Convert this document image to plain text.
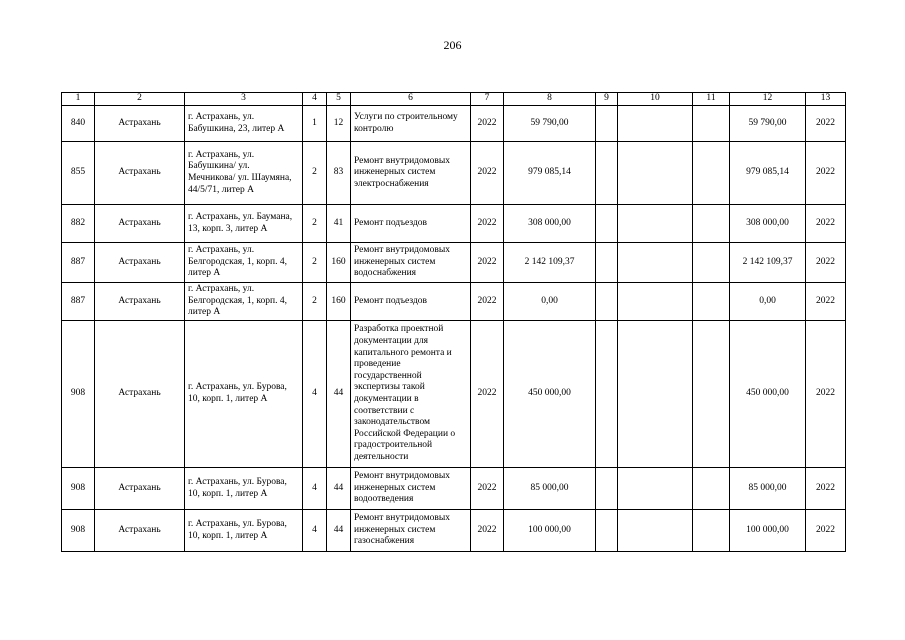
206
1	2	3	4	5	6	7	8	9	10	11	12	13
840	Астрахань	г. Астрахань, ул. Бабушкина, 23, литер А	1	12	Услуги по строительному контролю	2022	59 790,00				59 790,00	2022
855	Астрахань	г. Астрахань, ул. Бабушкина/ ул. Мечникова/ ул. Шаумяна, 44/5/71, литер А	2	83	Ремонт внутридомовых инженерных систем электроснабжения	2022	979 085,14				979 085,14	2022
882	Астрахань	г. Астрахань, ул. Баумана, 13, корп. 3, литер А	2	41	Ремонт подъездов	2022	308 000,00				308 000,00	2022
887	Астрахань	г. Астрахань, ул. Белгородская, 1, корп. 4, литер А	2	160	Ремонт внутридомовых инженерных систем водоснабжения	2022	2 142 109,37				2 142 109,37	2022
887	Астрахань	г. Астрахань, ул. Белгородская, 1, корп. 4, литер А	2	160	Ремонт подъездов	2022	0,00				0,00	2022
908	Астрахань	г. Астрахань, ул. Бурова, 10, корп. 1, литер А	4	44	Разработка проектной документации для капитального ремонта и проведение государственной экспертизы такой документации в соответствии с законодательством Российской Федерации о градостроительной деятельности	2022	450 000,00				450 000,00	2022
908	Астрахань	г. Астрахань, ул. Бурова, 10, корп. 1, литер А	4	44	Ремонт внутридомовых инженерных систем водоотведения	2022	85 000,00				85 000,00	2022
908	Астрахань	г. Астрахань, ул. Бурова, 10, корп. 1, литер А	4	44	Ремонт внутридомовых инженерных систем газоснабжения	2022	100 000,00				100 000,00	2022
